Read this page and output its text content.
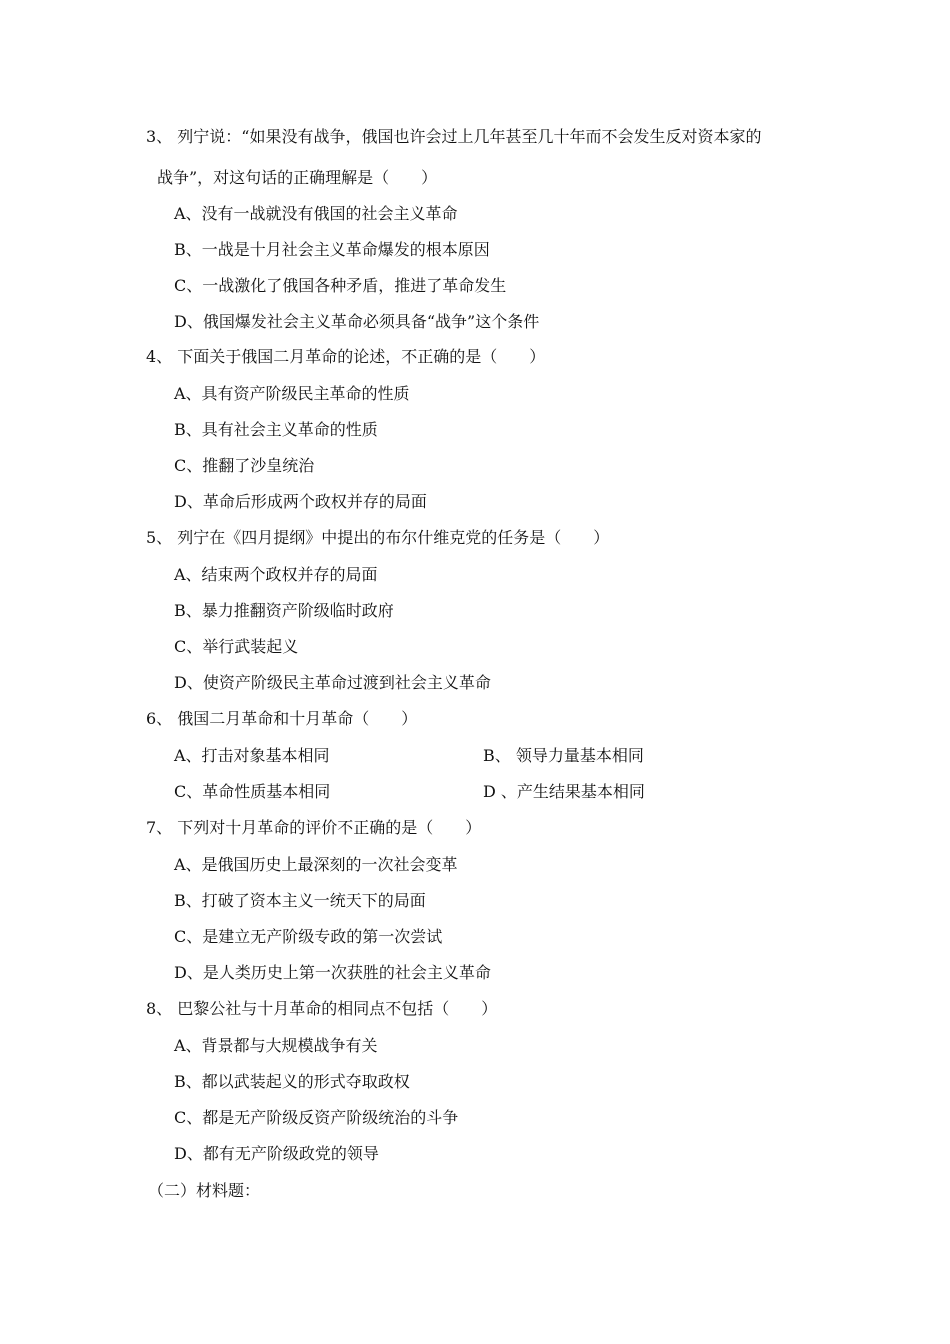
3、 列宁说：“如果没有战争，俄国也许会过上几年甚至几十年而不会发生反对资本家的
战争”，对这句话的正确理解是（　　）
A、没有一战就没有俄国的社会主义革命
B、一战是十月社会主义革命爆发的根本原因
C、一战激化了俄国各种矛盾，推进了革命发生
D、俄国爆发社会主义革命必须具备“战争”这个条件
4、 下面关于俄国二月革命的论述，不正确的是（　　）
A、具有资产阶级民主革命的性质
B、具有社会主义革命的性质
C、推翻了沙皇统治
D、革命后形成两个政权并存的局面
5、 列宁在《四月提纲》中提出的布尔什维克党的任务是（　　）
A、结束两个政权并存的局面
B、暴力推翻资产阶级临时政府
C、举行武装起义
D、使资产阶级民主革命过渡到社会主义革命
6、 俄国二月革命和十月革命（　　）
A、打击对象基本相同	B、 领导力量基本相同
C、革命性质基本相同	D 、产生结果基本相同
7、 下列对十月革命的评价不正确的是（　　）
A、是俄国历史上最深刻的一次社会变革
B、打破了资本主义一统天下的局面
C、是建立无产阶级专政的第一次尝试
D、是人类历史上第一次获胜的社会主义革命
8、 巴黎公社与十月革命的相同点不包括（　　）
A、背景都与大规模战争有关
B、都以武装起义的形式夺取政权
C、都是无产阶级反资产阶级统治的斗争
D、都有无产阶级政党的领导
（二）材料题：
